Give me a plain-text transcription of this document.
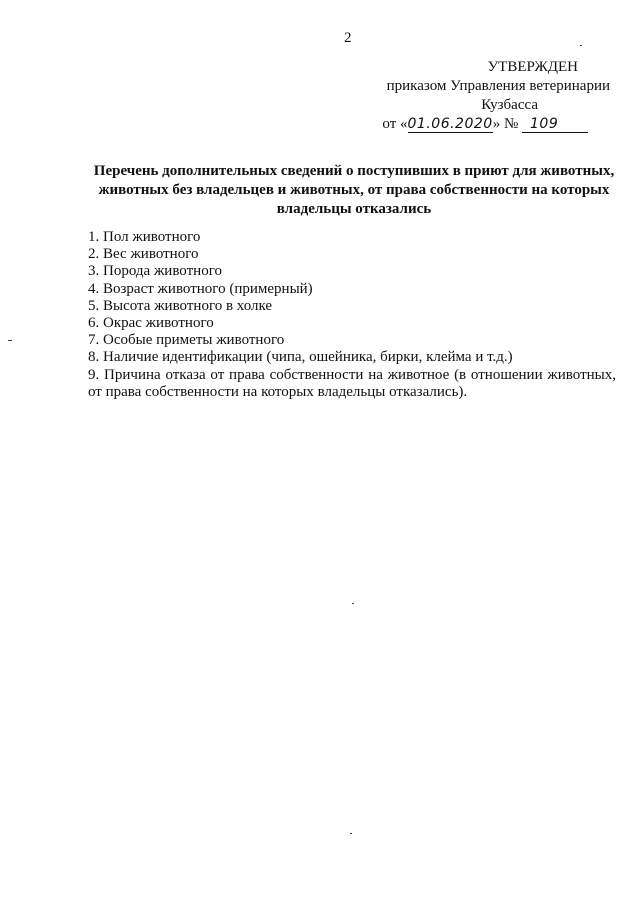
2
УТВЕРЖДЕН
приказом Управления ветеринарии
Кузбасса
от «01.06.2020» № 109
Перечень дополнительных сведений о поступивших в приют для животных, животных без владельцев и животных, от права собственности на которых владельцы отказались
1. Пол животного
2. Вес животного
3. Порода животного
4. Возраст животного (примерный)
5. Высота животного в холке
6. Окрас животного
7. Особые приметы животного
8. Наличие идентификации (чипа, ошейника, бирки, клейма и т.д.)
9. Причина отказа от права собственности на животное (в отношении животных, от права собственности на которых владельцы отказались).
